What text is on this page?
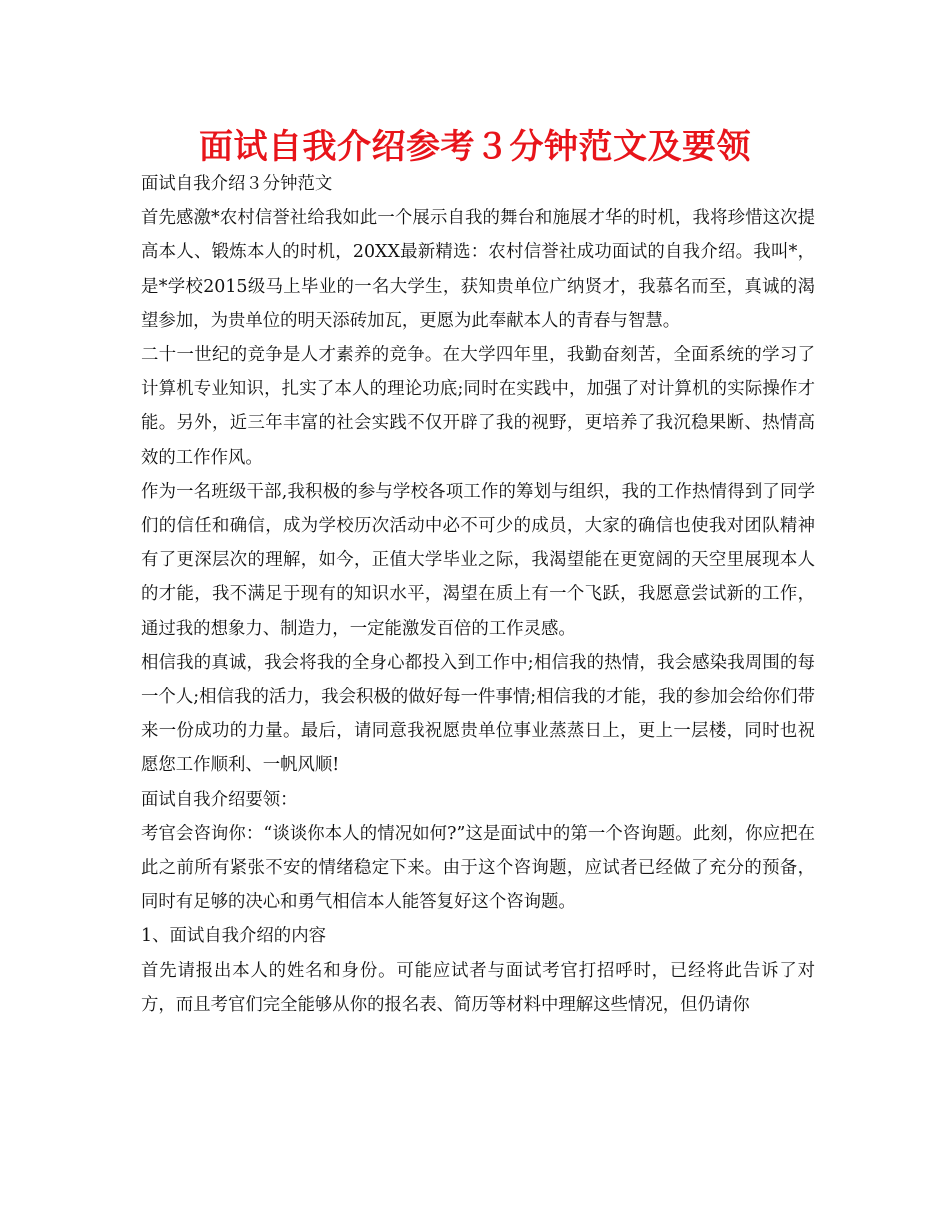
面试自我介绍参考３分钟范文及要领

面试自我介绍３分钟范文

首先感激*农村信誉社给我如此一个展示自我的舞台和施展才华的时机，我将珍惜这次提高本人、锻炼本人的时机，20XX最新精选：农村信誉社成功面试的自我介绍。我叫*，是*学校2015级马上毕业的一名大学生，获知贵单位广纳贤才，我慕名而至，真诚的渴望参加，为贵单位的明天添砖加瓦，更愿为此奉献本人的青春与智慧。

二十一世纪的竞争是人才素养的竞争。在大学四年里，我勤奋刻苦，全面系统的学习了计算机专业知识，扎实了本人的理论功底;同时在实践中，加强了对计算机的实际操作才能。另外，近三年丰富的社会实践不仅开辟了我的视野，更培养了我沉稳果断、热情高效的工作作风。

作为一名班级干部,我积极的参与学校各项工作的筹划与组织，我的工作热情得到了同学们的信任和确信，成为学校历次活动中必不可少的成员，大家的确信也使我对团队精神有了更深层次的理解，如今，正值大学毕业之际，我渴望能在更宽阔的天空里展现本人的才能，我不满足于现有的知识水平，渴望在质上有一个飞跃，我愿意尝试新的工作，通过我的想象力、制造力，一定能激发百倍的工作灵感。

相信我的真诚，我会将我的全身心都投入到工作中;相信我的热情，我会感染我周围的每一个人;相信我的活力，我会积极的做好每一件事情;相信我的才能，我的参加会给你们带来一份成功的力量。最后，请同意我祝愿贵单位事业蒸蒸日上，更上一层楼，同时也祝愿您工作顺利、一帆风顺!

面试自我介绍要领：

考官会咨询你：“谈谈你本人的情况如何?”这是面试中的第一个咨询题。此刻，你应把在此之前所有紧张不安的情绪稳定下来。由于这个咨询题，应试者已经做了充分的预备，同时有足够的决心和勇气相信本人能答复好这个咨询题。

1、面试自我介绍的内容

首先请报出本人的姓名和身份。可能应试者与面试考官打招呼时，已经将此告诉了对方，而且考官们完全能够从你的报名表、简历等材料中理解这些情况，但仍请你
